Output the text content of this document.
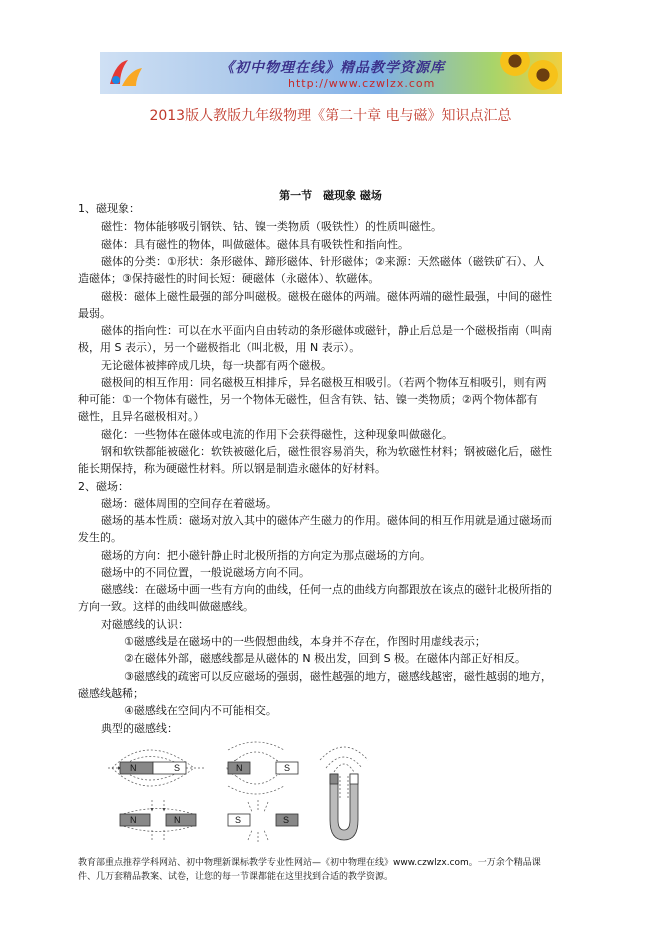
《初中物理在线》精品教学资源库
http://www.czwlzx.com
2013版人教版九年级物理《第二十章 电与磁》知识点汇总
第一节　磁现象 磁场
1、磁现象：
磁性：物体能够吸引钢铁、钴、镍一类物质（吸铁性）的性质叫磁性。
磁体：具有磁性的物体，叫做磁体。磁体具有吸铁性和指向性。
磁体的分类：①形状：条形磁体、蹄形磁体、针形磁体；②来源：天然磁体（磁铁矿石）、人
造磁体；③保持磁性的时间长短：硬磁体（永磁体）、软磁体。
磁极：磁体上磁性最强的部分叫磁极。磁极在磁体的两端。磁体两端的磁性最强，中间的磁性
最弱。
磁体的指向性：可以在水平面内自由转动的条形磁体或磁针，静止后总是一个磁极指南（叫南
极，用 S 表示），另一个磁极指北（叫北极，用 N 表示）。
无论磁体被摔碎成几块，每一块都有两个磁极。
磁极间的相互作用：同名磁极互相排斥，异名磁极互相吸引。（若两个物体互相吸引，则有两
种可能：①一个物体有磁性，另一个物体无磁性，但含有铁、钴、镍一类物质；②两个物体都有
磁性，且异名磁极相对。）
磁化：一些物体在磁体或电流的作用下会获得磁性，这种现象叫做磁化。
钢和软铁都能被磁化：软铁被磁化后，磁性很容易消失，称为软磁性材料；钢被磁化后，磁性
能长期保持，称为硬磁性材料。所以钢是制造永磁体的好材料。
2、磁场：
磁场：磁体周围的空间存在着磁场。
磁场的基本性质：磁场对放入其中的磁体产生磁力的作用。磁体间的相互作用就是通过磁场而
发生的。
磁场的方向：把小磁针静止时北极所指的方向定为那点磁场的方向。
磁场中的不同位置，一般说磁场方向不同。
磁感线：在磁场中画一些有方向的曲线，任何一点的曲线方向都跟放在该点的磁针北极所指的
方向一致。这样的曲线叫做磁感线。
对磁感线的认识：
①磁感线是在磁场中的一些假想曲线，本身并不存在，作图时用虚线表示；
②在磁体外部，磁感线都是从磁体的 N 极出发，回到 S 极。在磁体内部正好相反。
③磁感线的疏密可以反应磁场的强弱，磁性越强的地方，磁感线越密，磁性越弱的地方，
磁感线越稀；
④磁感线在空间内不可能相交。
典型的磁感线：
N	S	N	S
N	N	S	S
教育部重点推荐学科网站、初中物理新课标教学专业性网站—《初中物理在线》www.czwlzx.com。一万余个精品课
件、几万套精品教案、试卷，让您的每一节课都能在这里找到合适的教学资源。
